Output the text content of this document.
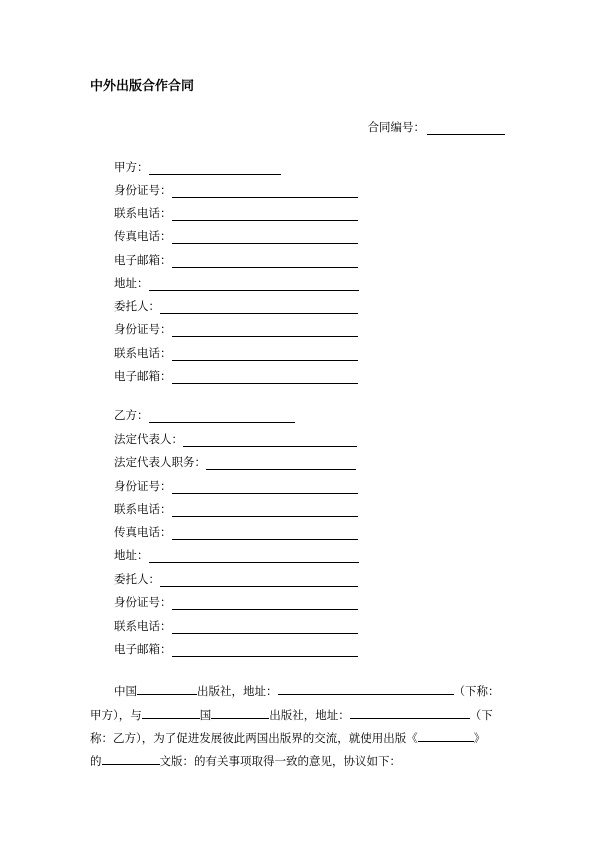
中外出版合作合同
合同编号：
甲方：
身份证号：
联系电话：
传真电话：
电子邮箱：
地址：
委托人：
身份证号：
联系电话：
电子邮箱：
乙方：
法定代表人：
法定代表人职务：
身份证号：
联系电话：
传真电话：
地址：
委托人：
身份证号：
联系电话：
电子邮箱：
中国	出版社，地址：	（下称：
甲方），与	国	出版社，地址：	（下
称：乙方），为了促进发展彼此两国出版界的交流，就使用出版《	》
的	文版：的有关事项取得一致的意见，协议如下：
